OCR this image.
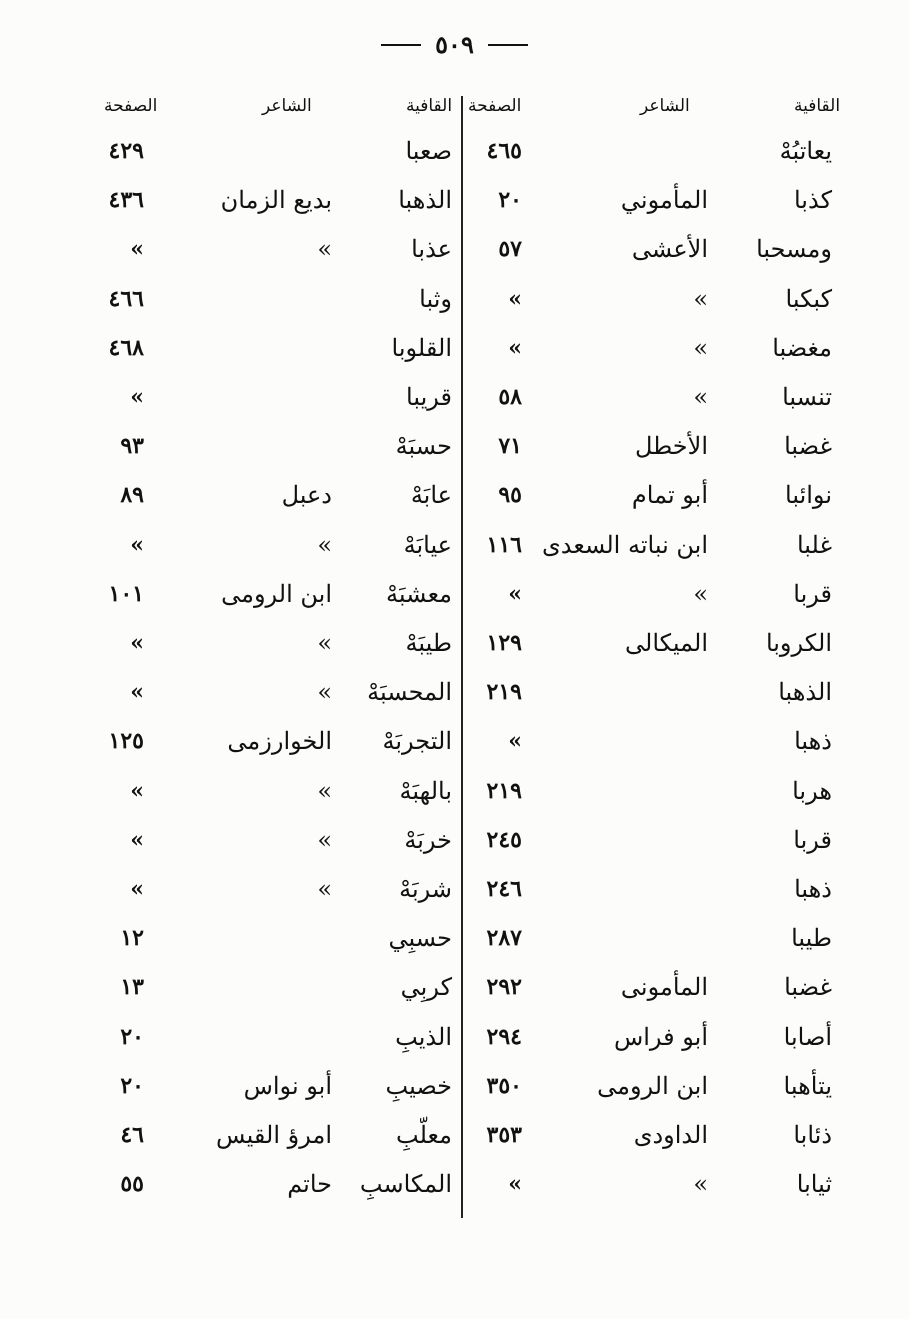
٥٠٩
القافية
الشاعر
الصفحة
القافية
الشاعر
الصفحة
يعاتبُهْ
٤٦٥
كذبا
المأموني
٢٠
ومسحبا
الأعشى
٥٧
كبكبا
»
»
مغضبا
»
»
تنسبا
»
٥٨
غضبا
الأخطل
٧١
نوائبا
أبو تمام
٩٥
غلبا
ابن نباته السعدى
١١٦
قربا
»
»
الكروبا
الميكالى
١٢٩
الذهبا
٢١٩
ذهبا
»
هربا
٢١٩
قربا
٢٤٥
ذهبا
٢٤٦
طيبا
٢٨٧
غضبا
المأمونى
٢٩٢
أصابا
أبو فراس
٢٩٤
يتأهبا
ابن الرومى
٣٥٠
ذئابا
الداودى
٣٥٣
ثيابا
»
»
صعبا
٤٢٩
الذهبا
بديع الزمان
٤٣٦
عذبا
»
»
وثبا
٤٦٦
القلوبا
٤٦٨
قريبا
»
حسبَهْ
٩٣
عابَهْ
دعبل
٨٩
عيابَهْ
»
»
معشبَهْ
ابن الرومى
١٠١
طيبَهْ
»
»
المحسبَهْ
»
»
التجربَهْ
الخوارزمى
١٢٥
بالهبَهْ
»
»
خربَهْ
»
»
شربَهْ
»
»
حسبِي
١٢
كربِي
١٣
الذيبِ
٢٠
خصيبِ
أبو نواس
٢٠
معلّبِ
امرؤ القيس
٤٦
المكاسبِ
حاتم
٥٥
